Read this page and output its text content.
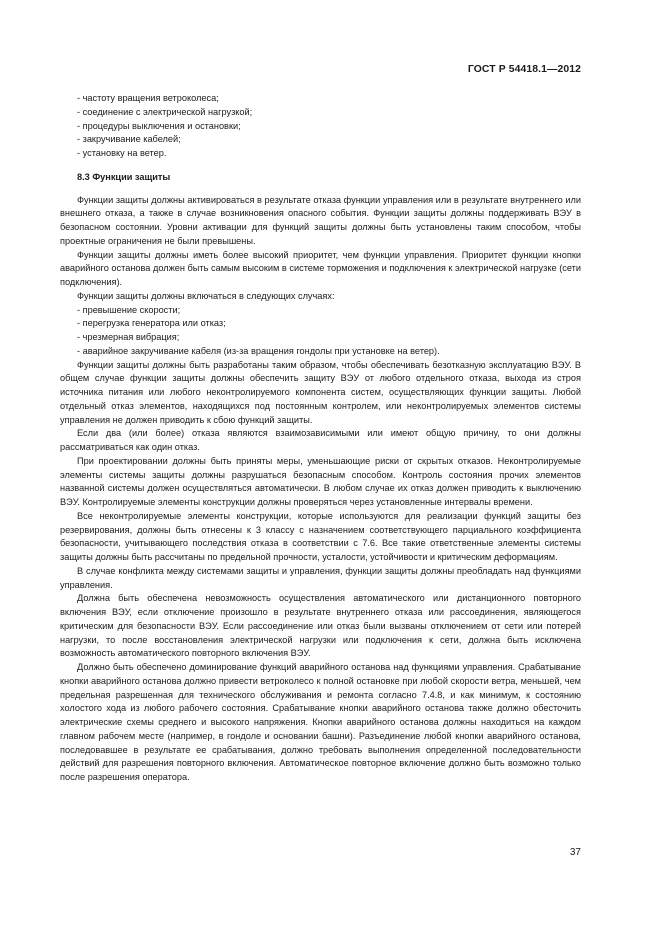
ГОСТ Р 54418.1—2012
- частоту вращения ветроколеса;
- соединение с электрической нагрузкой;
- процедуры выключения и остановки;
- закручивание кабелей;
- установку на ветер.
8.3 Функции защиты

Функции защиты должны активироваться в результате отказа функции управления или в результате внутреннего или внешнего отказа, а также в случае возникновения опасного события. Функции защиты должны поддерживать ВЭУ в безопасном состоянии. Уровни активации для функций защиты должны быть установлены таким способом, чтобы проектные ограничения не были превышены.

Функции защиты должны иметь более высокий приоритет, чем функции управления. Приоритет функции кнопки аварийного останова должен быть самым высоким в системе торможения и подключения к электрической нагрузке (сети подключения).

Функции защиты должны включаться в следующих случаях:

- превышение скорости;
- перегрузка генератора или отказ;
- чрезмерная вибрация;
- аварийное закручивание кабеля (из-за вращения гондолы при установке на ветер).

Функции защиты должны быть разработаны таким образом, чтобы обеспечивать безотказную эксплуатацию ВЭУ. В общем случае функции защиты должны обеспечить защиту ВЭУ от любого отдельного отказа, выхода из строя источника питания или любого неконтролируемого компонента систем, осуществляющих функции защиты. Любой отдельный отказ элементов, находящихся под постоянным контролем, или неконтролируемых элементов системы управления не должен приводить к сбою функций защиты.

Если два (или более) отказа являются взаимозависимыми или имеют общую причину, то они должны рассматриваться как один отказ.

При проектировании должны быть приняты меры, уменьшающие риски от скрытых отказов. Неконтролируемые элементы системы защиты должны разрушаться безопасным способом. Контроль состояния прочих элементов названной системы должен осуществляться автоматически. В любом случае их отказ должен приводить к выключению ВЭУ. Контролируемые элементы конструкции должны проверяться через установленные интервалы времени.

Все неконтролируемые элементы конструкции, которые используются для реализации функций защиты без резервирования, должны быть отнесены к 3 классу с назначением соответствующего парциального коэффициента безопасности, учитывающего последствия отказа в соответствии с 7.6. Все такие ответственные элементы системы защиты должны быть рассчитаны по предельной прочности, усталости, устойчивости и критическим деформациям.

В случае конфликта между системами защиты и управления, функции защиты должны преобладать над функциями управления.

Должна быть обеспечена невозможность осуществления автоматического или дистанционного повторного включения ВЭУ, если отключение произошло в результате внутреннего отказа или рассоединения, являющегося критическим для безопасности ВЭУ. Если рассоединение или отказ были вызваны отключением от сети или потерей нагрузки, то после восстановления электрической нагрузки или подключения к сети, должна быть исключена возможность автоматического повторного включения ВЭУ.

Должно быть обеспечено доминирование функций аварийного останова над функциями управления. Срабатывание кнопки аварийного останова должно привести ветроколесо к полной остановке при любой скорости ветра, меньшей, чем предельная разрешенная для технического обслуживания и ремонта согласно 7.4.8, и как минимум, к состоянию холостого хода из любого рабочего состояния. Срабатывание кнопки аварийного останова также должно обесточить электрические схемы среднего и высокого напряжения. Кнопки аварийного останова должны находиться на каждом главном рабочем месте (например, в гондоле и основании башни). Разъединение любой кнопки аварийного останова, последовавшее в результате ее срабатывания, должно требовать выполнения определенной последовательности действий для разрешения повторного включения. Автоматическое повторное включение должно быть возможно только после разрешения оператора.

37
